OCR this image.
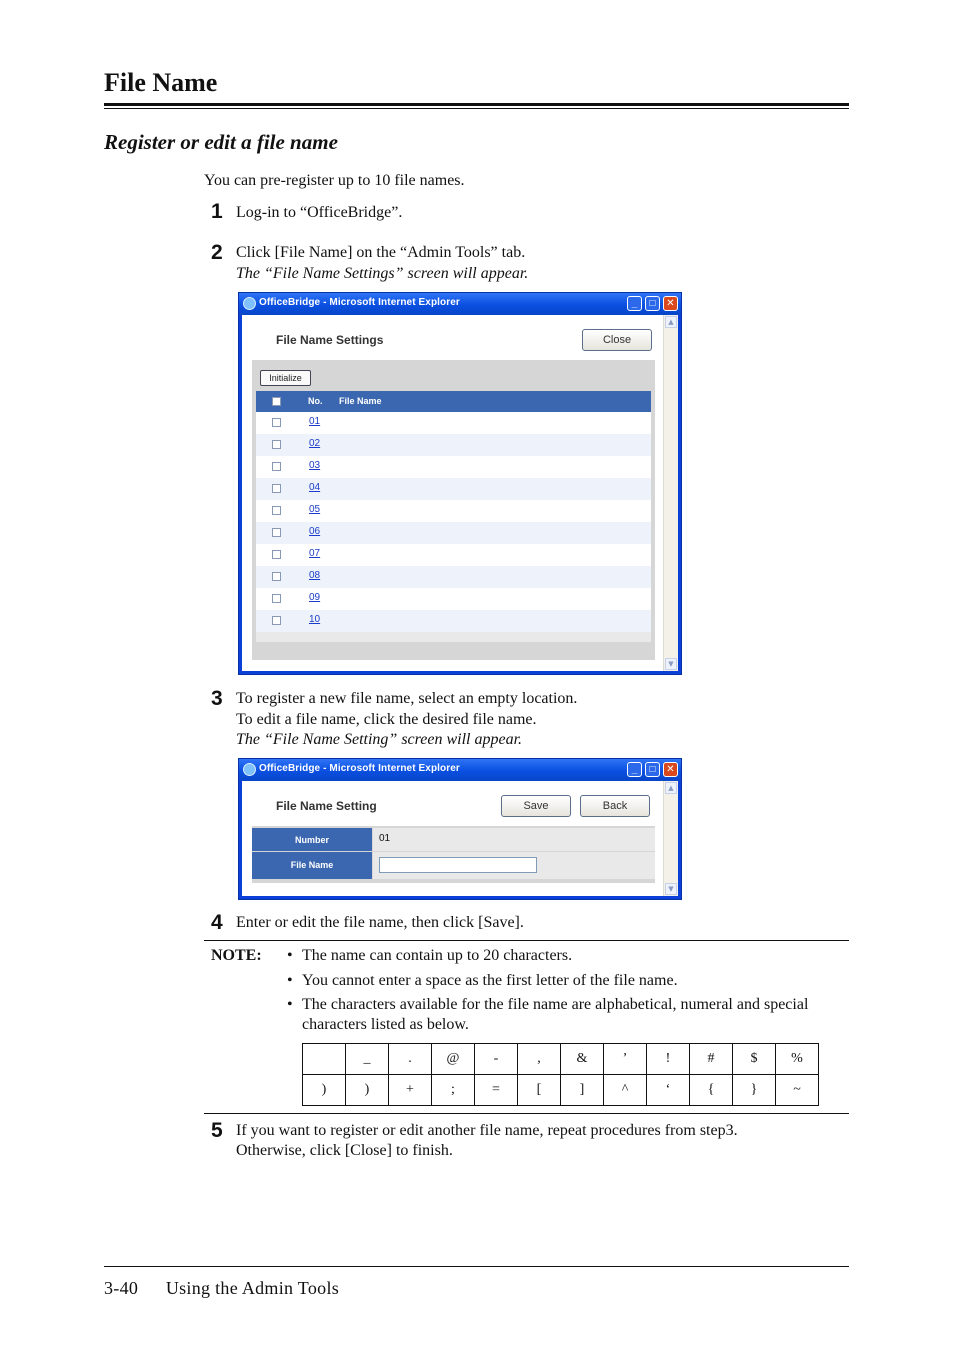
File Name
Register or edit a file name
You can pre-register up to 10 file names.
1 Log-in to “OfficeBridge”.
2 Click [File Name] on the “Admin Tools” tab.
The “File Name Settings” screen will appear.
OfficeBridge - Microsoft Internet Explorer	_	□	✕
File Name Settings	Close
Initialize
No. File Name
01
02
03
04
05
06
07
08
09
10
▲
▼
3 To register a new file name, select an empty location.
To edit a file name, click the desired file name.
The “File Name Setting” screen will appear.
OfficeBridge - Microsoft Internet Explorer	_	□	✕
File Name Setting	Save	Back
Number	01
File Name
▲
▼
4 Enter or edit the file name, then click [Save].
NOTE: • The name can contain up to 20 characters.
• You cannot enter a space as the first letter of the file name.
• The characters available for the file name are alphabetical, numeral and special characters listed as below.
	_	.	@	-	,	&	’	!	#	$	%
)	)	+	;	=	[	]	^	‘	{	}	~
5 If you want to register or edit another file name, repeat procedures from step3.
Otherwise, click [Close] to finish.
3-40 Using the Admin Tools
